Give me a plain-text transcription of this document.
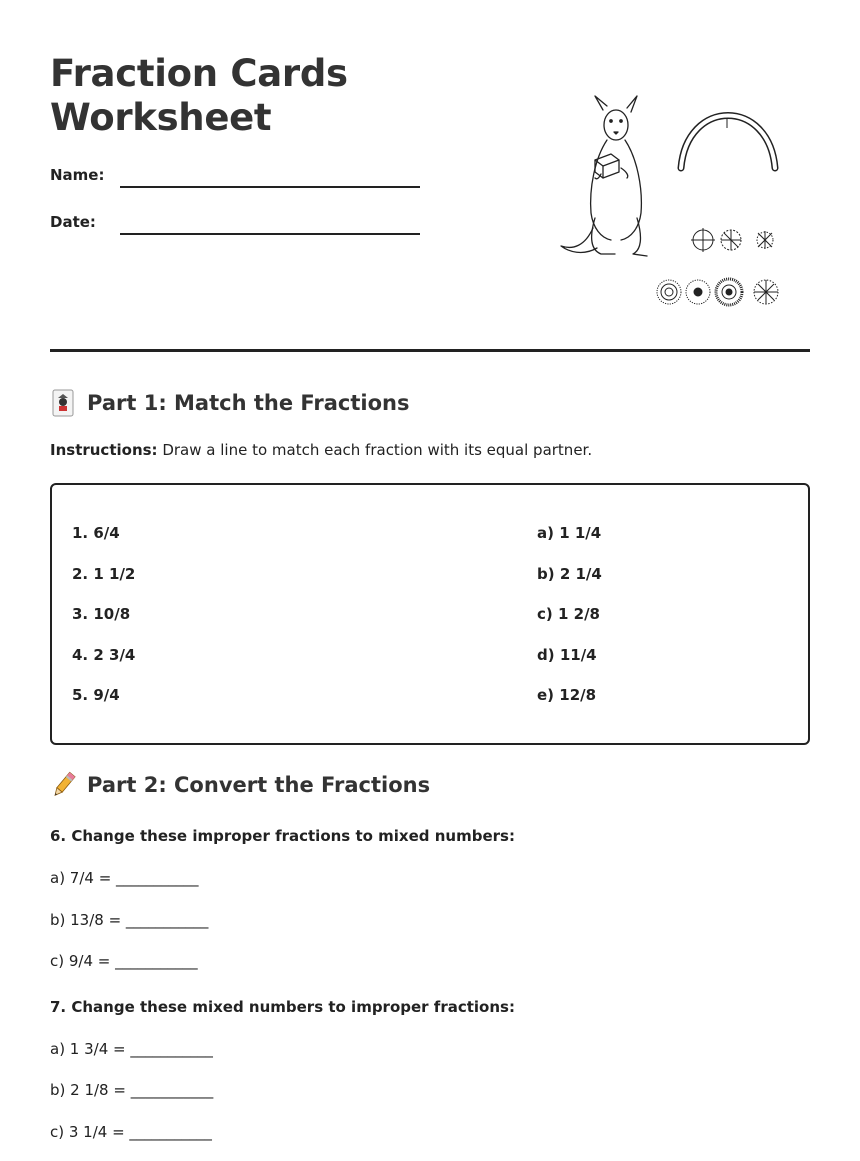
Fraction Cards
Worksheet
Name:
Date:
Part 1: Match the Fractions
Instructions: Draw a line to match each fraction with its equal partner.
1. 6/4
2. 1 1/2
3. 10/8
4. 2 3/4
5. 9/4
a) 1 1/4
b) 2 1/4
c) 1 2/8
d) 11/4
e) 12/8
Part 2: Convert the Fractions
6. Change these improper fractions to mixed numbers:
a) 7/4 = ___________
b) 13/8 = ___________
c) 9/4 = ___________
7. Change these mixed numbers to improper fractions:
a) 1 3/4 = ___________
b) 2 1/8 = ___________
c) 3 1/4 = ___________
